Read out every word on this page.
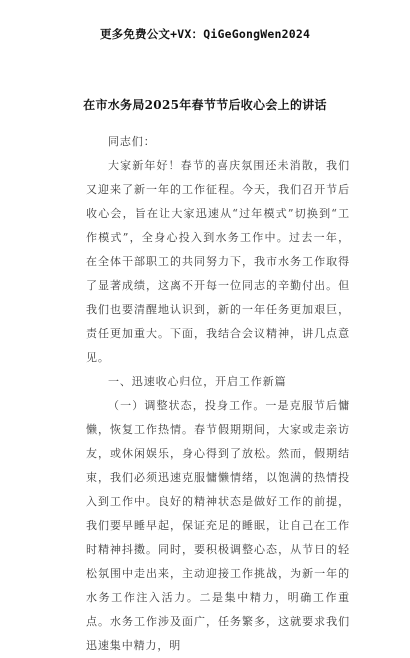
更多免费公文+VX：QiGeGongWen2024
在市水务局2025年春节节后收心会上的讲话

同志们：

大家新年好！春节的喜庆氛围还未消散，我们又迎来了新一年的工作征程。今天，我们召开节后收心会，旨在让大家迅速从“过年模式”切换到“工作模式”，全身心投入到水务工作中。过去一年，在全体干部职工的共同努力下，我市水务工作取得了显著成绩，这离不开每一位同志的辛勤付出。但我们也要清醒地认识到，新的一年任务更加艰巨，责任更加重大。下面，我结合会议精神，讲几点意见。

一、迅速收心归位，开启工作新篇

（一）调整状态，投身工作。一是克服节后慵懒，恢复工作热情。春节假期期间，大家或走亲访友，或休闲娱乐，身心得到了放松。然而，假期结束，我们必须迅速克服慵懒情绪，以饱满的热情投入到工作中。良好的精神状态是做好工作的前提，我们要早睡早起，保证充足的睡眠，让自己在工作时精神抖擞。同时，要积极调整心态，从节日的轻松氛围中走出来，主动迎接工作挑战，为新一年的水务工作注入活力。二是集中精力，明确工作重点。水务工作涉及面广，任务繁多，这就要求我们迅速集中精力，明
